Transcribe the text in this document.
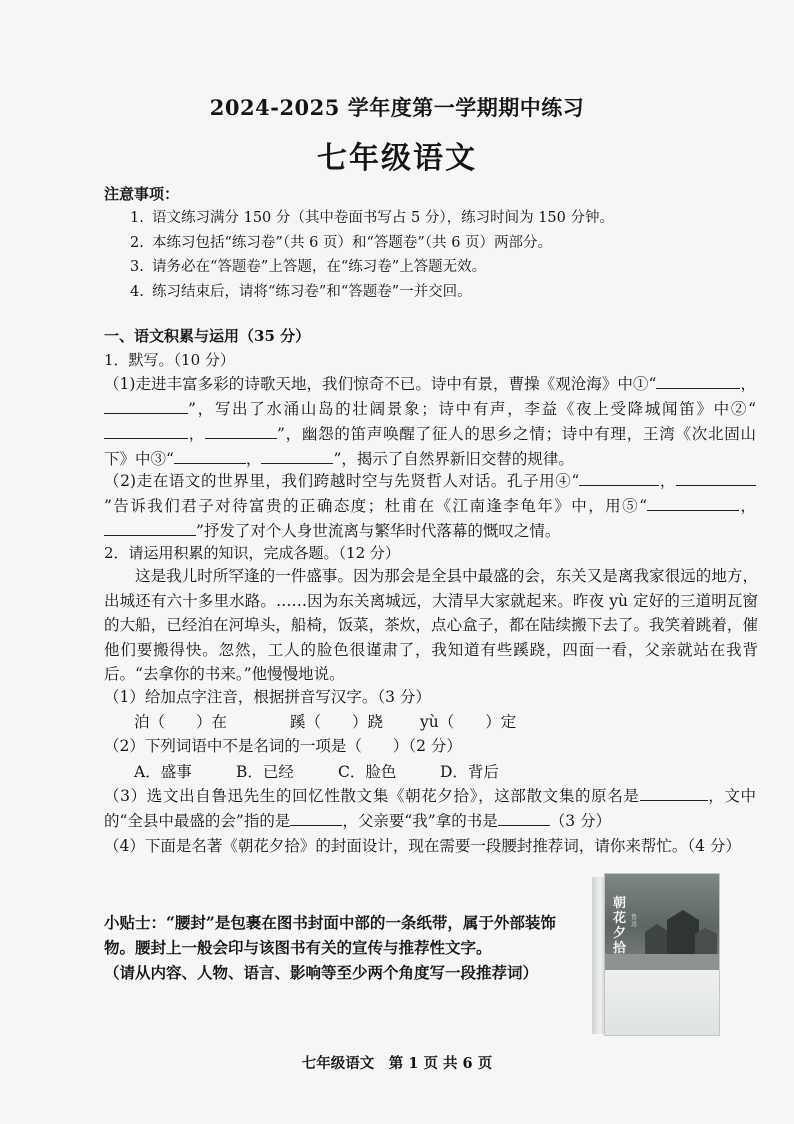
2024-2025 学年度第一学期期中练习
七年级语文
注意事项：
1. 语文练习满分 150 分（其中卷面书写占 5 分），练习时间为 150 分钟。
2. 本练习包括“练习卷”（共 6 页）和“答题卷”（共 6 页）两部分。
3. 请务必在“答题卷”上答题，在“练习卷”上答题无效。
4. 练习结束后，请将“练习卷”和“答题卷”一并交回。
一、语文积累与运用（35 分）
1．默写。（10 分）
（1)走进丰富多彩的诗歌天地，我们惊奇不已。诗中有景，曹操《观沧海》中①“	，”，写出了水涌山岛的壮阔景象；诗中有声，李益《夜上受降城闻笛》中②“，	”，幽怨的笛声唤醒了征人的思乡之情；诗中有理，王湾《次北固山下》中③“	，	”，揭示了自然界新旧交替的规律。
（2)走在语文的世界里，我们跨越时空与先贤哲人对话。孔子用④“	，”告诉我们君子对待富贵的正确态度；杜甫在《江南逢李龟年》中，用⑤“	，”抒发了对个人身世流离与繁华时代落幕的慨叹之情。
2．请运用积累的知识，完成各题。（12 分）
这是我儿时所罕逢的一件盛事。因为那会是全县中最盛的会，东关又是离我家很远的地方，出城还有六十多里水路。……因为东关离城远，大清早大家就起来。昨夜 yù 定好的三道明瓦窗的大船，已经泊在河埠头，船椅，饭菜，茶炊，点心盒子，都在陆续搬下去了。我笑着跳着，催他们要搬得快。忽然，工人的脸色很谨肃了，我知道有些蹊跷，四面一看，父亲就站在我背后。“去拿你的书来。”他慢慢地说。
（1）给加点字注音，根据拼音写汉字。（3 分）
泊（　　）在	蹊（　　）跷 yù（　　）定
（2）下列词语中不是名词的一项是（　　）（2 分）
A．盛事	B．已经	C．脸色	D．背后
（3）选文出自鲁迅先生的回忆性散文集《朝花夕拾》，这部散文集的原名是	，文中的“全县中最盛的会”指的是	，父亲要“我”拿的书是	（3 分）
（4）下面是名著《朝花夕拾》的封面设计，现在需要一段腰封推荐词，请你来帮忙。（4 分）
小贴士：“腰封”是包裹在图书封面中部的一条纸带，属于外部装饰物。腰封上一般会印与该图书有关的宣传与推荐性文字。
（请从内容、人物、语言、影响等至少两个角度写一段推荐词）
朝花夕拾
鲁迅
七年级语文　第 1 页 共 6 页
